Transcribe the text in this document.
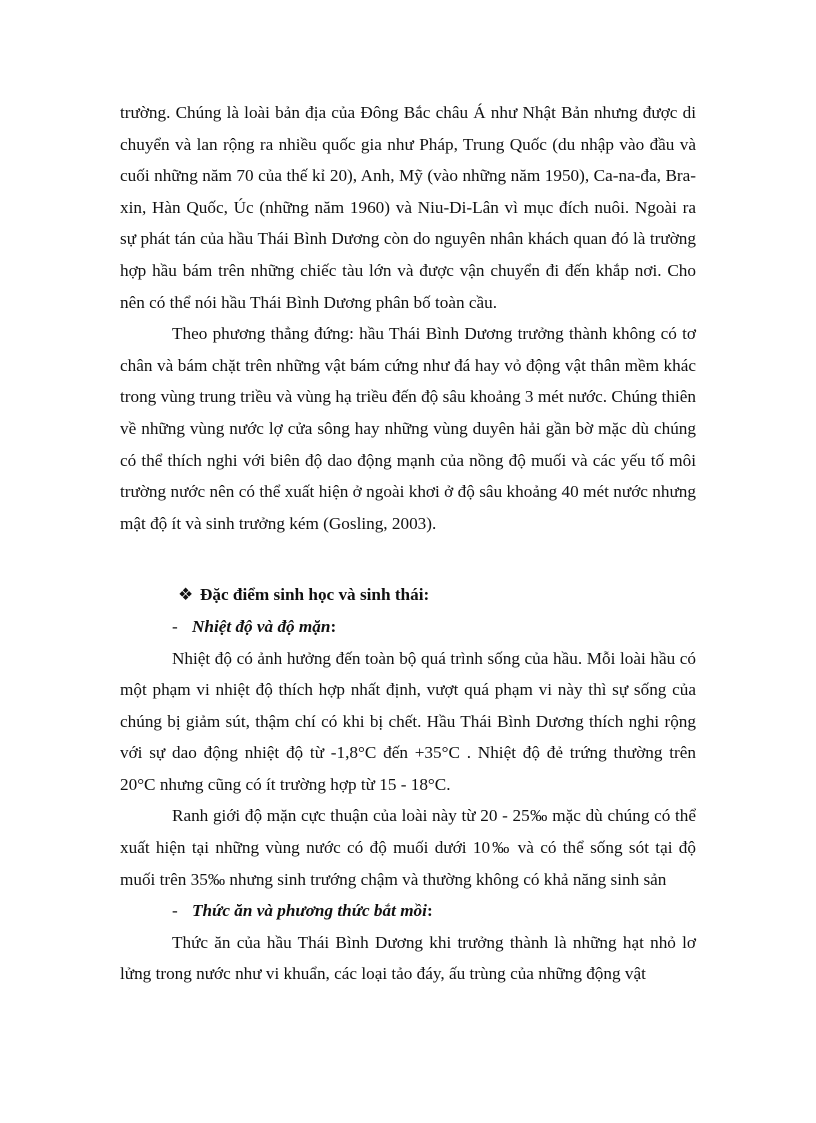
trường. Chúng là loài bản địa của Đông Bắc châu Á như Nhật Bản nhưng được di chuyển và lan rộng ra nhiều quốc gia như Pháp, Trung Quốc (du nhập vào đầu và cuối những năm 70 của thế kỉ 20), Anh, Mỹ (vào những năm 1950), Ca-na-đa, Bra-xin, Hàn Quốc, Úc (những năm 1960) và Niu-Di-Lân vì mục đích nuôi. Ngoài ra sự phát tán của hầu Thái Bình Dương còn do nguyên nhân khách quan đó là trường hợp hầu bám trên những chiếc tàu lớn và được vận chuyển đi đến khắp nơi. Cho nên có thể nói hầu Thái Bình Dương phân bố toàn cầu.

Theo phương thẳng đứng: hầu Thái Bình Dương trưởng thành không có tơ chân và bám chặt trên những vật bám cứng như đá hay vỏ động vật thân mềm khác trong vùng trung triều và vùng hạ triều đến độ sâu khoảng 3 mét nước. Chúng thiên về những vùng nước lợ cửa sông hay những vùng duyên hải gần bờ mặc dù chúng có thể thích nghi với biên độ dao động mạnh của nồng độ muối và các yếu tố môi trường nước nên có thể xuất hiện ở ngoài khơi ở độ sâu khoảng 40 mét nước nhưng mật độ ít và sinh trưởng kém (Gosling, 2003).

❖ Đặc điểm sinh học và sinh thái:
- Nhiệt độ và độ mặn:

Nhiệt độ có ảnh hưởng đến toàn bộ quá trình sống của hầu. Mỗi loài hầu có một phạm vi nhiệt độ thích hợp nhất định, vượt quá phạm vi này thì sự sống của chúng bị giảm sút, thậm chí có khi bị chết. Hầu Thái Bình Dương thích nghi rộng với sự dao động nhiệt độ từ -1,8°C đến +35°C . Nhiệt độ đẻ trứng thường trên 20°C nhưng cũng có ít trường hợp từ 15 - 18°C.

Ranh giới độ mặn cực thuận của loài này từ 20 - 25‰ mặc dù chúng có thể xuất hiện tại những vùng nước có độ muối dưới 10‰ và có thể sống sót tại độ muối trên 35‰ nhưng sinh trướng chậm và thường không có khả năng sinh sản

- Thức ăn và phương thức bắt mồi:

Thức ăn của hầu Thái Bình Dương khi trưởng thành là những hạt nhỏ lơ lửng trong nước như vi khuẩn, các loại tảo đáy, ấu trùng của những động vật
